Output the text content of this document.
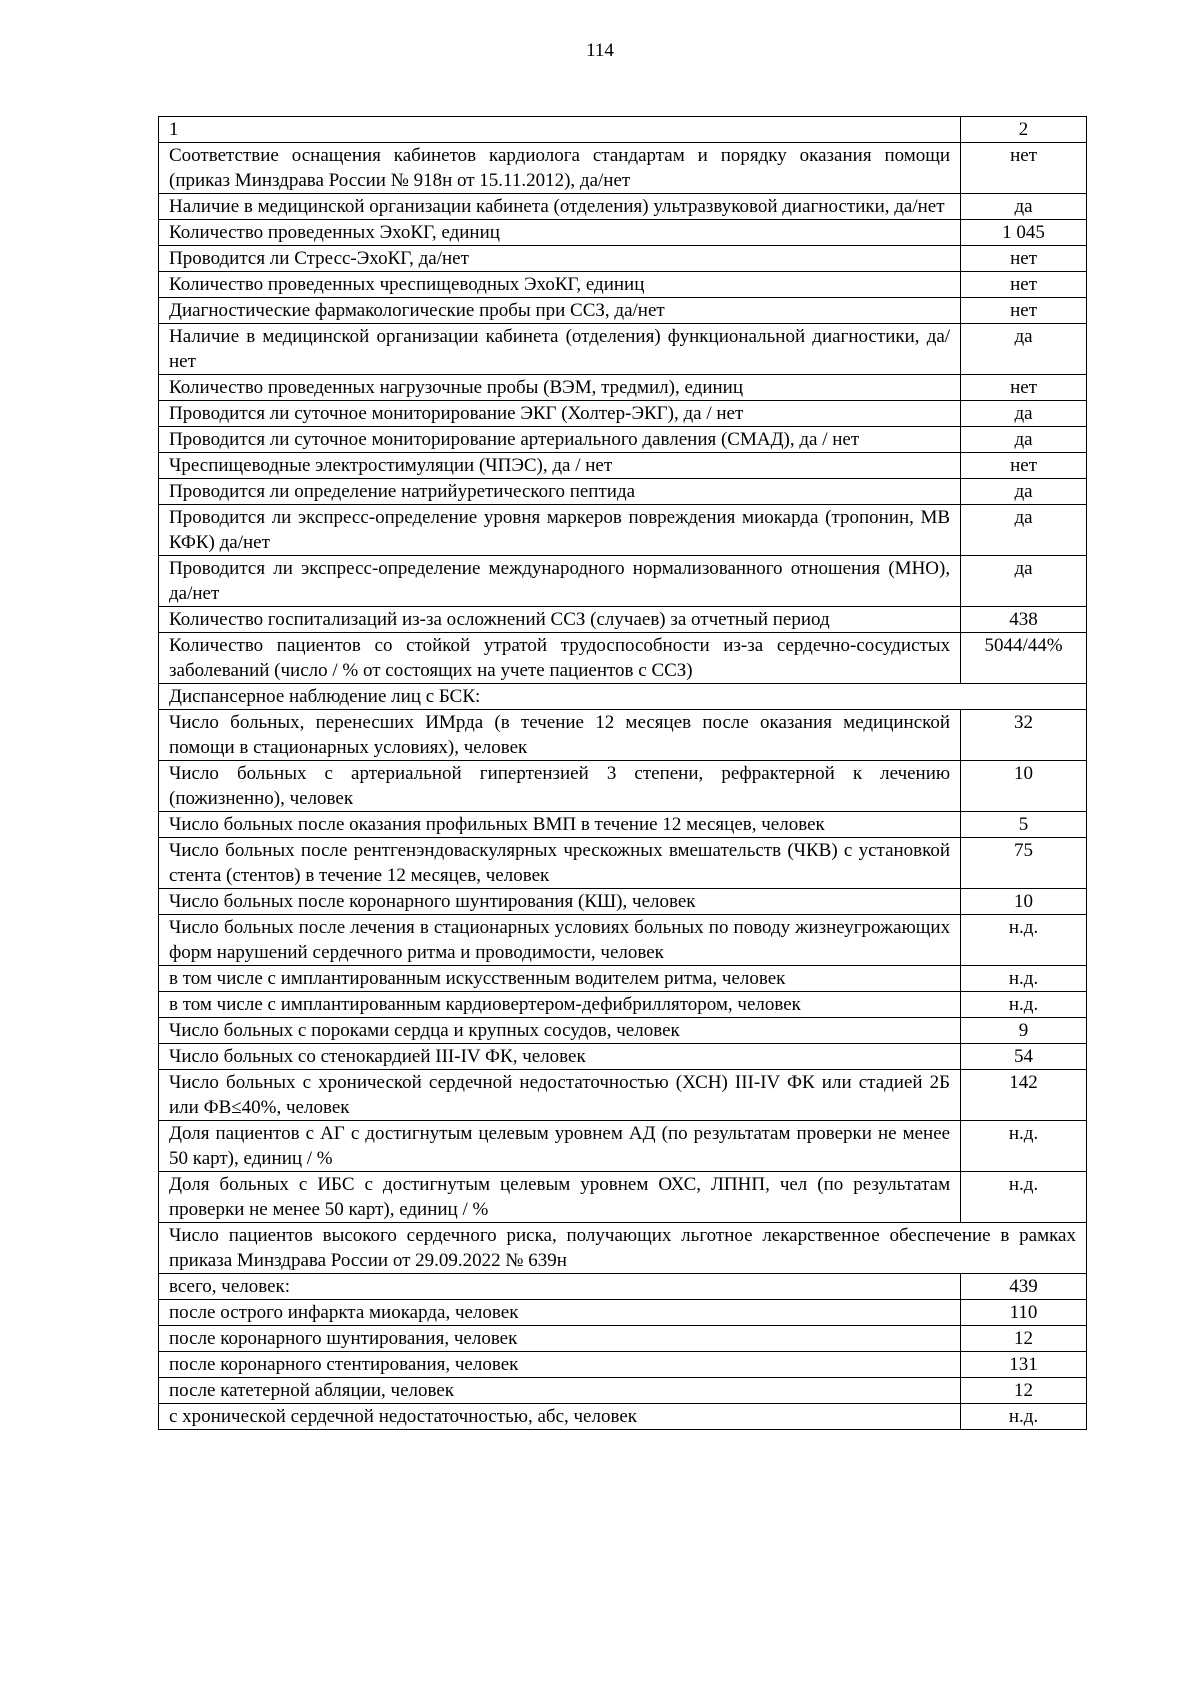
114
1	2
Соответствие оснащения кабинетов кардиолога стандартам и порядку оказания помощи (приказ Минздрава России № 918н от 15.11.2012), да/нет	нет
Наличие в медицинской организации кабинета (отделения) ультразвуковой диагностики, да/нет	да
Количество проведенных ЭхоКГ, единиц	1 045
Проводится ли Стресс-ЭхоКГ, да/нет	нет
Количество проведенных чреспищеводных ЭхоКГ, единиц	нет
Диагностическиe фармакологические пробы при ССЗ, да/нет	нет
Наличие в медицинской организации кабинета (отделения) функциональной диагностики, да/нет	да
Количество проведенных нагрузочные пробы (ВЭМ, тредмил), единиц	нет
Проводится ли суточное мониторирование ЭКГ (Холтер-ЭКГ), да / нет	да
Проводится ли суточное мониторирование артериального давления (СМАД), да / нет	да
Чреспищеводные электростимуляции (ЧПЭС), да / нет	нет
Проводится ли определение натрийуретического пептида	да
Проводится ли экспресс-определение уровня маркеров повреждения миокарда (тропонин, МВ КФК) да/нет	да
Проводится ли экспресс-определение международного нормализованного отношения (МНО), да/нет	да
Количество госпитализаций из-за осложнений ССЗ (случаев) за отчетный период	438
Количество пациентов со стойкой утратой трудоспособности из-за сердечно-сосудистых заболеваний (число / % от состоящих на учете пациентов с ССЗ)	5044/44%
Диспансерное наблюдение лиц с БСК:	
Число больных, перенесших ИМрда (в течение 12 месяцев после оказания медицинской помощи в стационарных условиях), человек	32
Число больных с артериальной гипертензией 3 степени, рефрактерной к лечению (пожизненно), человек	10
Число больных после оказания профильных ВМП в течение 12 месяцев, человек	5
Число больных после рентгенэндоваскулярных чрескожных вмешательств (ЧКВ) с установкой стента (стентов) в течение 12 месяцев, человек	75
Число больных после коронарного шунтирования (КШ), человек	10
Число больных после лечения в стационарных условиях больных по поводу жизнеугрожающих форм нарушений сердечного ритма и проводимости, человек	н.д.
в том числе с имплантированным искусственным водителем ритма, человек	н.д.
в том числе с имплантированным кардиовертером-дефибриллятором, человек	н.д.
Число больных с пороками сердца и крупных сосудов, человек	9
Число больных со стенокардией III-IV ФК, человек	54
Число больных с хронической сердечной недостаточностью (ХСН) III-IV ФК или стадией 2Б или ФВ≤40%, человек	142
Доля пациентов с АГ с достигнутым целевым уровнем АД (по результатам проверки не менее 50 карт), единиц / %	н.д.
Доля больных с ИБС с достигнутым целевым уровнем ОХС, ЛПНП, чел (по результатам проверки не менее 50 карт), единиц / %	н.д.
Число пациентов высокого сердечного риска, получающих льготное лекарственное обеспечение в рамках приказа Минздрава России от 29.09.2022 № 639н	
всего, человек:	439
после острого инфаркта миокарда, человек	110
после коронарного шунтирования, человек	12
после коронарного стентирования, человек	131
после катетерной абляции, человек	12
с хронической сердечной недостаточностью, абс, человек	н.д.
